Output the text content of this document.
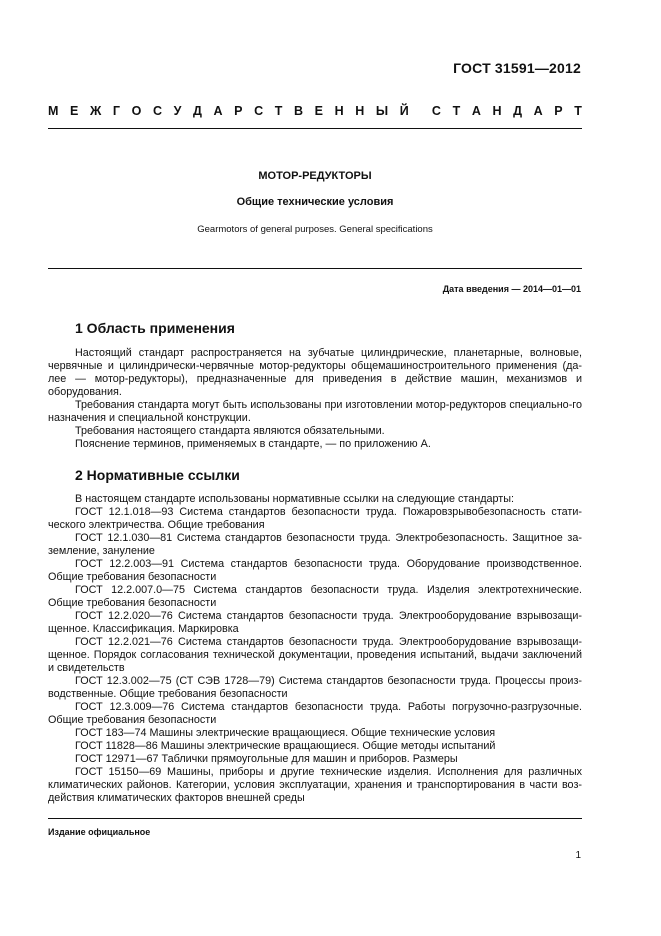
ГОСТ 31591—2012
М Е Ж Г О С У Д А Р С Т В Е Н Н Ы Й С Т А Н Д А Р Т
МОТОР-РЕДУКТОРЫ
Общие технические условия
Gearmotors of general purposes. General specifications
Дата введения — 2014—01—01
1 Область применения

Настоящий стандарт распространяется на зубчатые цилиндрические, планетарные, волновые, червячные и цилиндрически-червячные мотор-редукторы общемашиностроительного применения (да-лее — мотор-редукторы), предназначенные для приведения в действие машин, механизмов и оборудования.

Требования стандарта могут быть использованы при изготовлении мотор-редукторов специально-го назначения и специальной конструкции.

Требования настоящего стандарта являются обязательными.

Пояснение терминов, применяемых в стандарте, — по приложению А.

2 Нормативные ссылки

В настоящем стандарте использованы нормативные ссылки на следующие стандарты:

ГОСТ 12.1.018—93 Система стандартов безопасности труда. Пожаровзрывобезопасность стати-ческого электричества. Общие требования

ГОСТ 12.1.030—81 Система стандартов безопасности труда. Электробезопасность. Защитное за-земление, зануление

ГОСТ 12.2.003—91 Система стандартов безопасности труда. Оборудование производственное. Общие требования безопасности

ГОСТ 12.2.007.0—75 Система стандартов безопасности труда. Изделия электротехнические. Общие требования безопасности

ГОСТ 12.2.020—76 Система стандартов безопасности труда. Электрооборудование взрывозащи-щенное. Классификация. Маркировка

ГОСТ 12.2.021—76 Система стандартов безопасности труда. Электрооборудование взрывозащи-щенное. Порядок согласования технической документации, проведения испытаний, выдачи заключений и свидетельств

ГОСТ 12.3.002—75 (СТ СЭВ 1728—79) Система стандартов безопасности труда. Процессы произ-водственные. Общие требования безопасности

ГОСТ 12.3.009—76 Система стандартов безопасности труда. Работы погрузочно-разгрузочные. Общие требования безопасности

ГОСТ 183—74 Машины электрические вращающиеся. Общие технические условия

ГОСТ 11828—86 Машины электрические вращающиеся. Общие методы испытаний

ГОСТ 12971—67 Таблички прямоугольные для машин и приборов. Размеры

ГОСТ 15150—69 Машины, приборы и другие технические изделия. Исполнения для различных климатических районов. Категории, условия эксплуатации, хранения и транспортирования в части воз-действия климатических факторов внешней среды

Издание официальное
1
